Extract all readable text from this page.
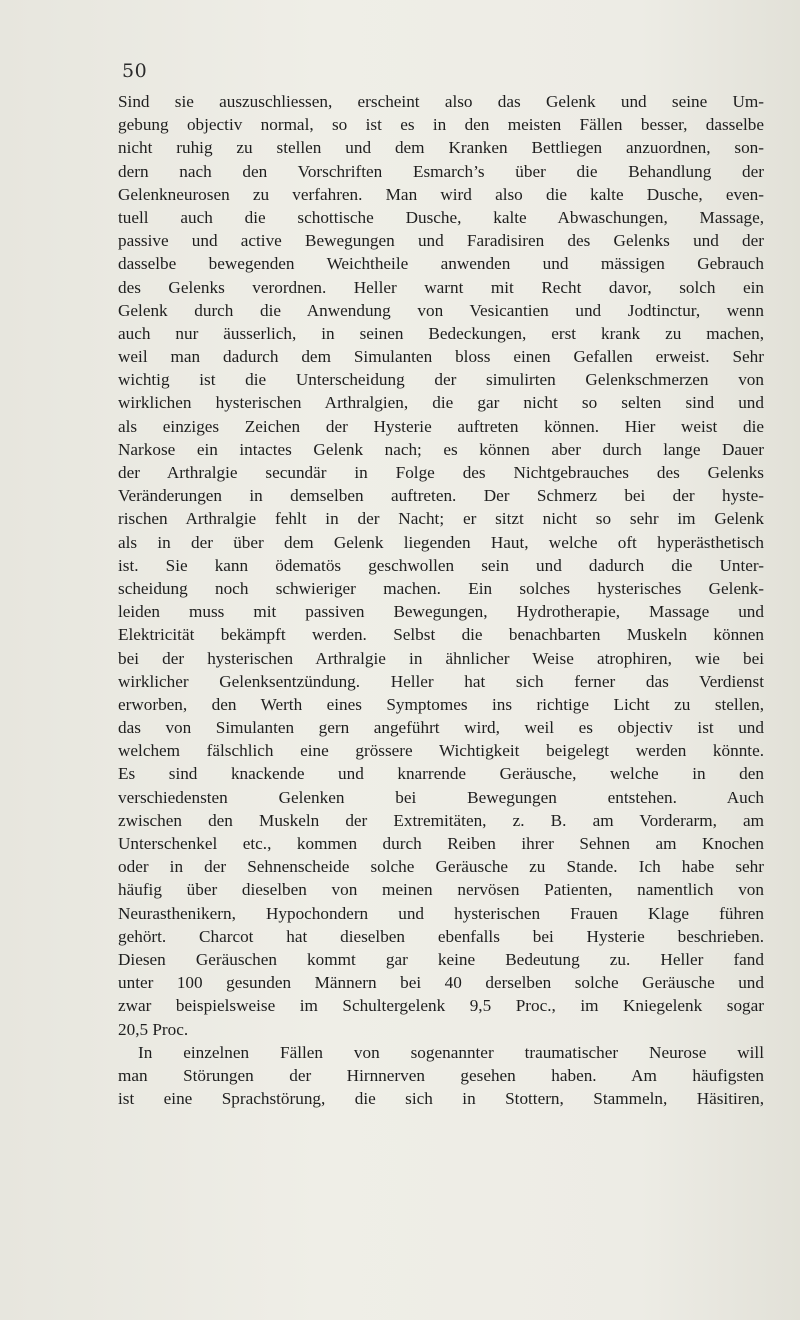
50
Sind sie auszuschliessen, erscheint also das Gelenk und seine Um-
gebung objectiv normal, so ist es in den meisten Fällen besser, dasselbe
nicht ruhig zu stellen und dem Kranken Bettliegen anzuordnen, son-
dern nach den Vorschriften Esmarch’s über die Behandlung der
Gelenkneurosen zu verfahren. Man wird also die kalte Dusche, even-
tuell auch die schottische Dusche, kalte Abwaschungen, Massage,
passive und active Bewegungen und Faradisiren des Gelenks und der
dasselbe bewegenden Weichtheile anwenden und mässigen Gebrauch
des Gelenks verordnen. Heller warnt mit Recht davor, solch ein
Gelenk durch die Anwendung von Vesicantien und Jodtinctur, wenn
auch nur äusserlich, in seinen Bedeckungen, erst krank zu machen,
weil man dadurch dem Simulanten bloss einen Gefallen erweist. Sehr
wichtig ist die Unterscheidung der simulirten Gelenkschmerzen von
wirklichen hysterischen Arthralgien, die gar nicht so selten sind und
als einziges Zeichen der Hysterie auftreten können. Hier weist die
Narkose ein intactes Gelenk nach; es können aber durch lange Dauer
der Arthralgie secundär in Folge des Nichtgebrauches des Gelenks
Veränderungen in demselben auftreten. Der Schmerz bei der hyste-
rischen Arthralgie fehlt in der Nacht; er sitzt nicht so sehr im Gelenk
als in der über dem Gelenk liegenden Haut, welche oft hyperästhetisch
ist. Sie kann ödematös geschwollen sein und dadurch die Unter-
scheidung noch schwieriger machen. Ein solches hysterisches Gelenk-
leiden muss mit passiven Bewegungen, Hydrotherapie, Massage und
Elektricität bekämpft werden. Selbst die benachbarten Muskeln können
bei der hysterischen Arthralgie in ähnlicher Weise atrophiren, wie bei
wirklicher Gelenksentzündung. Heller hat sich ferner das Verdienst
erworben, den Werth eines Symptomes ins richtige Licht zu stellen,
das von Simulanten gern angeführt wird, weil es objectiv ist und
welchem fälschlich eine grössere Wichtigkeit beigelegt werden könnte.
Es sind knackende und knarrende Geräusche, welche in den
verschiedensten Gelenken bei Bewegungen entstehen. Auch
zwischen den Muskeln der Extremitäten, z. B. am Vorderarm, am
Unterschenkel etc., kommen durch Reiben ihrer Sehnen am Knochen
oder in der Sehnenscheide solche Geräusche zu Stande. Ich habe sehr
häufig über dieselben von meinen nervösen Patienten, namentlich von
Neurasthenikern, Hypochondern und hysterischen Frauen Klage führen
gehört. Charcot hat dieselben ebenfalls bei Hysterie beschrieben.
Diesen Geräuschen kommt gar keine Bedeutung zu. Heller fand
unter 100 gesunden Männern bei 40 derselben solche Geräusche und
zwar beispielsweise im Schultergelenk 9,5 Proc., im Kniegelenk sogar
20,5 Proc.
In einzelnen Fällen von sogenannter traumatischer Neurose will
man Störungen der Hirnnerven gesehen haben. Am häufigsten
ist eine Sprachstörung, die sich in Stottern, Stammeln, Häsitiren,
